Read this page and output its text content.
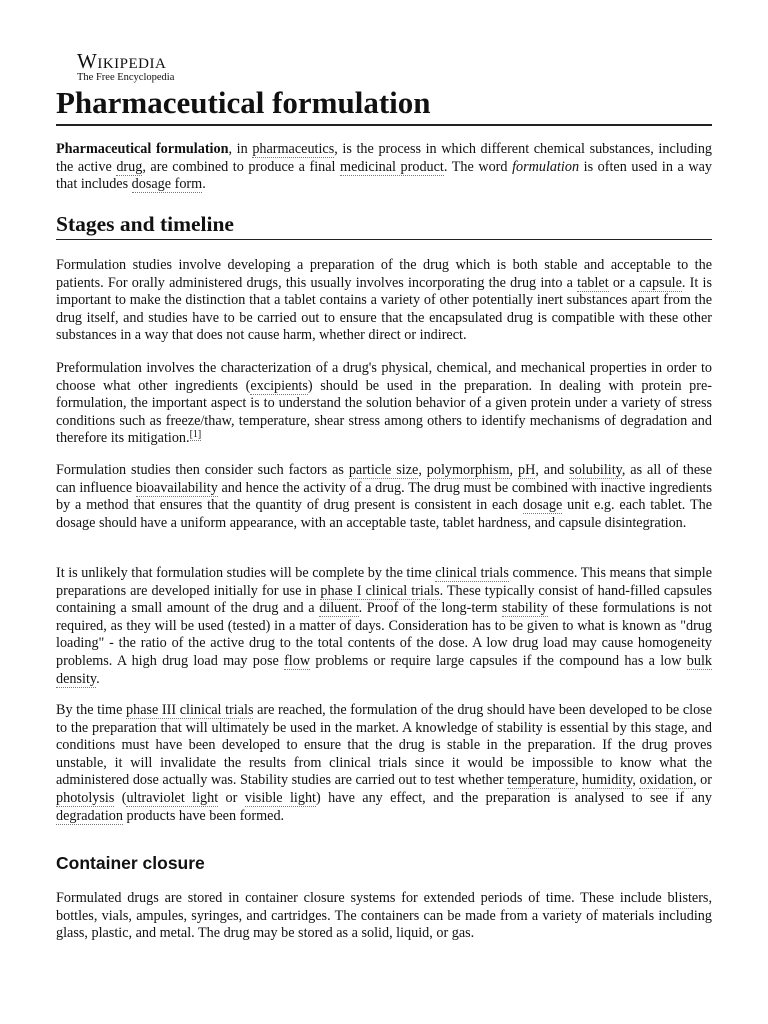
Wikipedia
The Free Encyclopedia
Pharmaceutical formulation

Pharmaceutical formulation, in pharmaceutics, is the process in which different chemical substances, including the active drug, are combined to produce a final medicinal product. The word formulation is often used in a way that includes dosage form.

Stages and timeline

Formulation studies involve developing a preparation of the drug which is both stable and acceptable to the patients. For orally administered drugs, this usually involves incorporating the drug into a tablet or a capsule. It is important to make the distinction that a tablet contains a variety of other potentially inert substances apart from the drug itself, and studies have to be carried out to ensure that the encapsulated drug is compatible with these other substances in a way that does not cause harm, whether direct or indirect.

Preformulation involves the characterization of a drug's physical, chemical, and mechanical properties in order to choose what other ingredients (excipients) should be used in the preparation. In dealing with protein pre-formulation, the important aspect is to understand the solution behavior of a given protein under a variety of stress conditions such as freeze/thaw, temperature, shear stress among others to identify mechanisms of degradation and therefore its mitigation.[1]

Formulation studies then consider such factors as particle size, polymorphism, pH, and solubility, as all of these can influence bioavailability and hence the activity of a drug. The drug must be combined with inactive ingredients by a method that ensures that the quantity of drug present is consistent in each dosage unit e.g. each tablet. The dosage should have a uniform appearance, with an acceptable taste, tablet hardness, and capsule disintegration.

It is unlikely that formulation studies will be complete by the time clinical trials commence. This means that simple preparations are developed initially for use in phase I clinical trials. These typically consist of hand-filled capsules containing a small amount of the drug and a diluent. Proof of the long-term stability of these formulations is not required, as they will be used (tested) in a matter of days. Consideration has to be given to what is known as "drug loading" - the ratio of the active drug to the total contents of the dose. A low drug load may cause homogeneity problems. A high drug load may pose flow problems or require large capsules if the compound has a low bulk density.

By the time phase III clinical trials are reached, the formulation of the drug should have been developed to be close to the preparation that will ultimately be used in the market. A knowledge of stability is essential by this stage, and conditions must have been developed to ensure that the drug is stable in the preparation. If the drug proves unstable, it will invalidate the results from clinical trials since it would be impossible to know what the administered dose actually was. Stability studies are carried out to test whether temperature, humidity, oxidation, or photolysis (ultraviolet light or visible light) have any effect, and the preparation is analysed to see if any degradation products have been formed.

Container closure

Formulated drugs are stored in container closure systems for extended periods of time. These include blisters, bottles, vials, ampules, syringes, and cartridges. The containers can be made from a variety of materials including glass, plastic, and metal. The drug may be stored as a solid, liquid, or gas.
